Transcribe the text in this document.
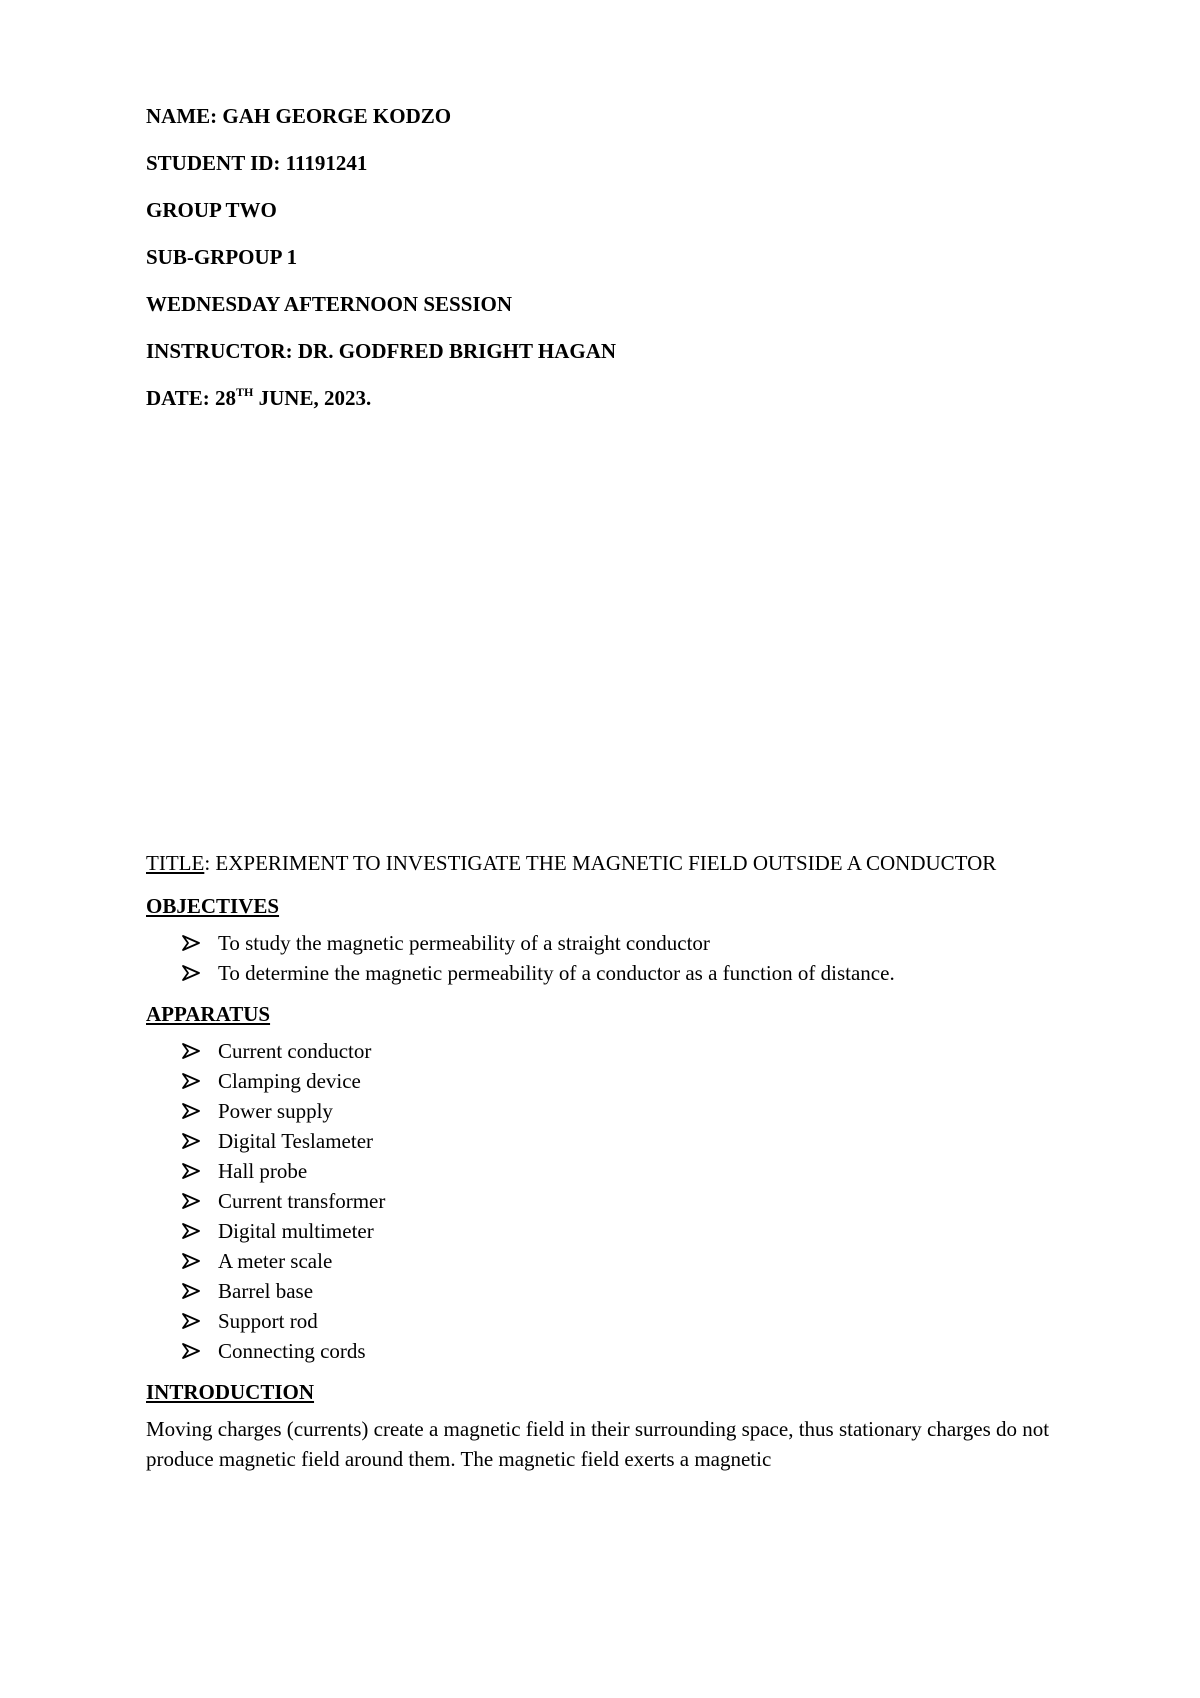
NAME: GAH GEORGE KODZO
STUDENT ID: 11191241
GROUP TWO
SUB-GRPOUP 1
WEDNESDAY AFTERNOON SESSION
INSTRUCTOR: DR. GODFRED BRIGHT HAGAN
DATE: 28TH JUNE, 2023.

TITLE: EXPERIMENT TO INVESTIGATE THE MAGNETIC FIELD OUTSIDE A CONDUCTOR

OBJECTIVES
To study the magnetic permeability of a straight conductor
To determine the magnetic permeability of a conductor as a function of distance.
APPARATUS
Current conductor
Clamping device
Power supply
Digital Teslameter
Hall probe
Current transformer
Digital multimeter
A meter scale
Barrel base
Support rod
Connecting cords
INTRODUCTION

Moving charges (currents) create a magnetic field in their surrounding space, thus stationary charges do not produce magnetic field around them. The magnetic field exerts a magnetic
